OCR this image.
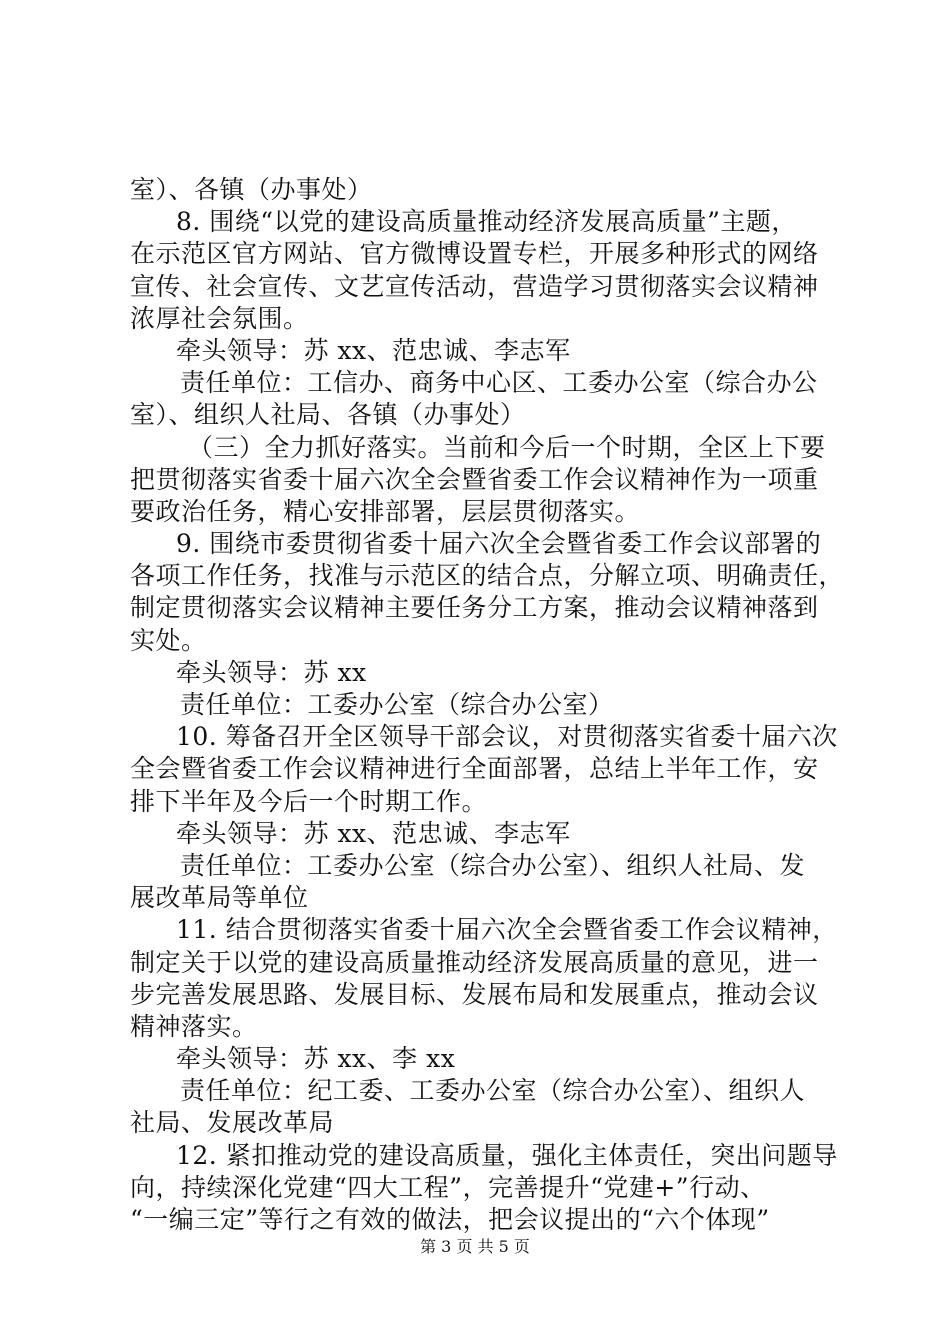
室）、各镇（办事处）
8. 围绕“以党的建设高质量推动经济发展高质量”主题，
在示范区官方网站、官方微博设置专栏，开展多种形式的网络
宣传、社会宣传、文艺宣传活动，营造学习贯彻落实会议精神
浓厚社会氛围。
牵头领导：苏 xx、范忠诚、李志军
责任单位：工信办、商务中心区、工委办公室（综合办公
室）、组织人社局、各镇（办事处）
（三）全力抓好落实。当前和今后一个时期，全区上下要
把贯彻落实省委十届六次全会暨省委工作会议精神作为一项重
要政治任务，精心安排部署，层层贯彻落实。
9. 围绕市委贯彻省委十届六次全会暨省委工作会议部署的
各项工作任务，找准与示范区的结合点，分解立项、明确责任，
制定贯彻落实会议精神主要任务分工方案，推动会议精神落到
实处。
牵头领导：苏 xx
责任单位：工委办公室（综合办公室）
10. 筹备召开全区领导干部会议，对贯彻落实省委十届六次
全会暨省委工作会议精神进行全面部署，总结上半年工作，安
排下半年及今后一个时期工作。
牵头领导：苏 xx、范忠诚、李志军
责任单位：工委办公室（综合办公室）、组织人社局、发
展改革局等单位
11. 结合贯彻落实省委十届六次全会暨省委工作会议精神，
制定关于以党的建设高质量推动经济发展高质量的意见，进一
步完善发展思路、发展目标、发展布局和发展重点，推动会议
精神落实。
牵头领导：苏 xx、李 xx
责任单位：纪工委、工委办公室（综合办公室）、组织人
社局、发展改革局
12. 紧扣推动党的建设高质量，强化主体责任，突出问题导
向，持续深化党建“四大工程”，完善提升“党建+”行动、
“一编三定”等行之有效的做法，把会议提出的“六个体现”
第 3 页 共 5 页
